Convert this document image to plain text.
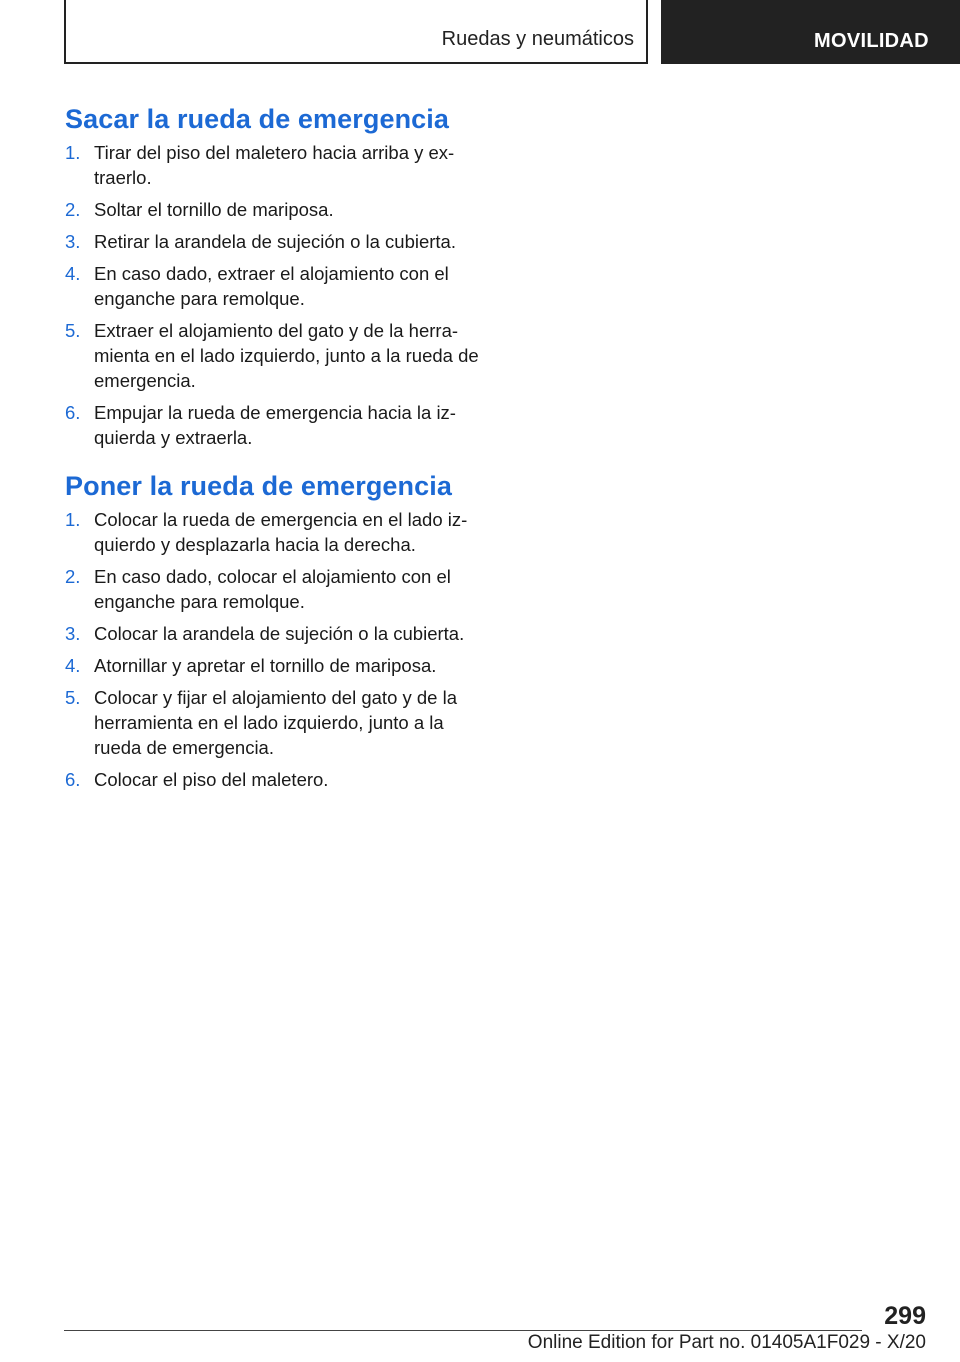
Ruedas y neumáticos	MOVILIDAD
Sacar la rueda de emergencia
1. Tirar del piso del maletero hacia arriba y ex‐traerlo.
2. Soltar el tornillo de mariposa.
3. Retirar la arandela de sujeción o la cubierta.
4. En caso dado, extraer el alojamiento con el enganche para remolque.
5. Extraer el alojamiento del gato y de la herra‐mienta en el lado izquierdo, junto a la rueda de emergencia.
6. Empujar la rueda de emergencia hacia la iz‐quierda y extraerla.
Poner la rueda de emergencia
1. Colocar la rueda de emergencia en el lado iz‐quierdo y desplazarla hacia la derecha.
2. En caso dado, colocar el alojamiento con el enganche para remolque.
3. Colocar la arandela de sujeción o la cubierta.
4. Atornillar y apretar el tornillo de mariposa.
5. Colocar y fijar el alojamiento del gato y de la herramienta en el lado izquierdo, junto a la rueda de emergencia.
6. Colocar el piso del maletero.
299
Online Edition for Part no. 01405A1F029 - X/20
